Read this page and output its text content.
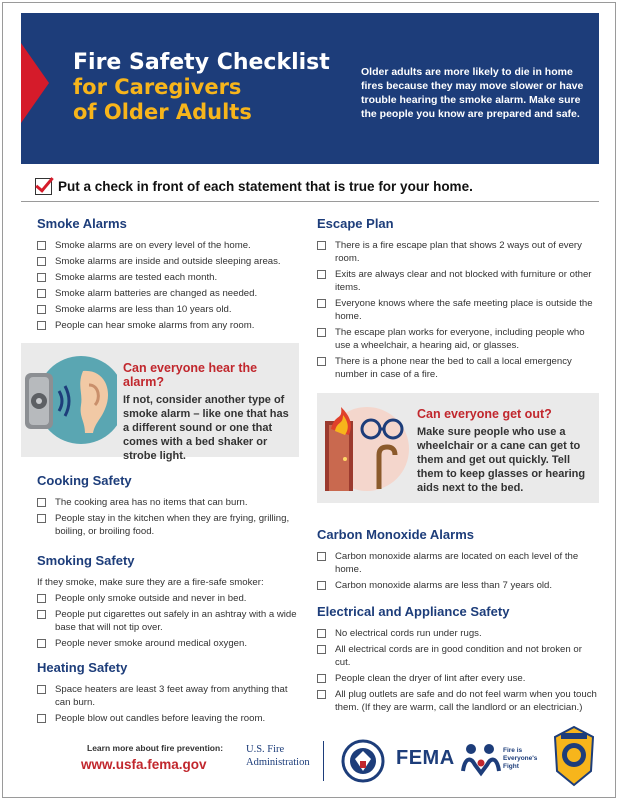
Fire Safety Checklist
for Caregivers
of Older Adults
Older adults are more likely to die in home fires because they may move slower or have trouble hearing the smoke alarm. Make sure the people you know are prepared and safe.
Put a check in front of each statement that is true for your home.
Smoke Alarms
Smoke alarms are on every level of the home.
Smoke alarms are inside and outside sleeping areas.
Smoke alarms are tested each month.
Smoke alarm batteries are changed as needed.
Smoke alarms are less than 10 years old.
People can hear smoke alarms from any room.
Can everyone hear the alarm?

If not, consider another type of smoke alarm – like one that has a different sound or one that comes with a bed shaker or strobe light.

Cooking Safety
The cooking area has no items that can burn.
People stay in the kitchen when they are frying, grilling, boiling, or broiling food.
Smoking Safety
If they smoke, make sure they are a fire-safe smoker:
People only smoke outside and never in bed.
People put cigarettes out safely in an ashtray with a wide base that will not tip over.
People never smoke around medical oxygen.
Heating Safety
Space heaters are least 3 feet away from anything that can burn.
People blow out candles before leaving the room.
Escape Plan
There is a fire escape plan that shows 2 ways out of every room.
Exits are always clear and not blocked with furniture or other items.
Everyone knows where the safe meeting place is outside the home.
The escape plan works for everyone, including people who use a wheelchair, a hearing aid, or glasses.
There is a phone near the bed to call a local emergency number in case of a fire.
Can everyone get out?

Make sure people who use a wheelchair or a cane can get to them and get out quickly. Tell them to keep glasses or hearing aids next to the bed.

Carbon Monoxide Alarms
Carbon monoxide alarms are located on each level of the home.
Carbon monoxide alarms are less than 7 years old.
Electrical and Appliance Safety
No electrical cords run under rugs.
All electrical cords are in good condition and not broken or cut.
People clean the dryer of lint after every use.
All plug outlets are safe and do not feel warm when you touch them. (If they are warm, call the landlord or an electrician.)
Learn more about fire prevention:
www.usfa.fema.gov
U.S. Fire
Administration	FEMA	Fire is
Everyone's
Fight
